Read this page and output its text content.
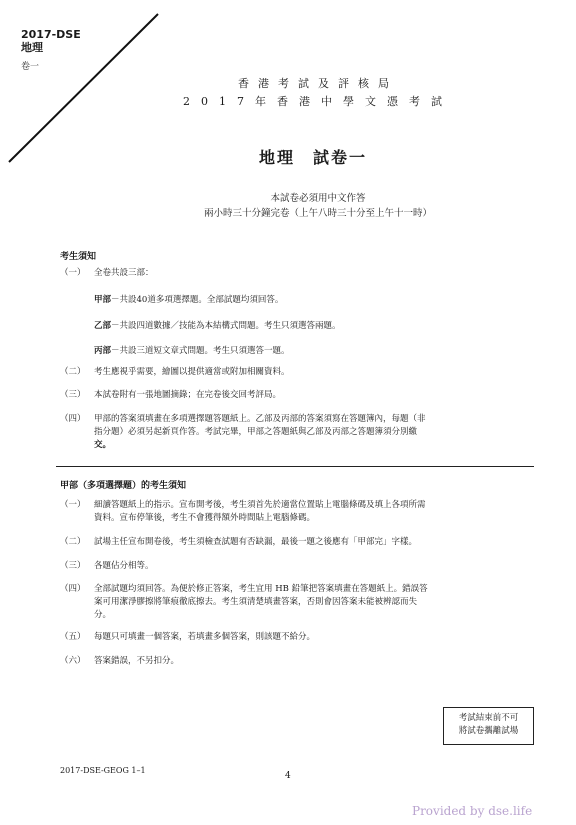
2017-DSE
地理
卷一
香港考試及評核局
2017年香港中學文憑考試
地理　試卷一
本試卷必須用中文作答
兩小時三十分鐘完卷（上午八時三十分至上午十一時）
考生須知
（一） 全卷共設三部：
甲部－共設40道多項選擇題。全部試題均須回答。
乙部－共設四道數據／技能為本結構式問題。考生只須選答兩題。
丙部－共設三道短文章式問題。考生只須選答一題。
（二） 考生應視乎需要，繪圖以提供適當或附加相關資料。
（三） 本試卷附有一張地圖摘錄；在完卷後交回考評局。
（四） 甲部的答案須填畫在多項選擇題答題紙上。乙部及丙部的答案須寫在答題簿內，每題（非
指分題）必須另起新頁作答。考試完畢，甲部之答題紙與乙部及丙部之答題簿須分別繳
交。
甲部（多項選擇題）的考生須知
（一） 細讀答題紙上的指示。宣布開考後，考生須首先於適當位置貼上電腦條碼及填上各項所需
資料。宣布停筆後，考生不會獲得額外時間貼上電腦條碼。
（二） 試場主任宣布開卷後，考生須檢查試題有否缺漏，最後一題之後應有「甲部完」字樣。
（三） 各題佔分相等。
（四） 全部試題均須回答。為便於修正答案，考生宜用 HB 鉛筆把答案填畫在答題紙上。錯誤答
案可用潔淨膠擦將筆痕徹底擦去。考生須清楚填畫答案，否則會因答案未能被辨認而失
分。
（五） 每題只可填畫一個答案，若填畫多個答案，則該題不給分。
（六） 答案錯誤，不另扣分。
考試結束前不可
將試卷攜離試場
2017-DSE-GEOG 1–1
4
Provided by dse.life
